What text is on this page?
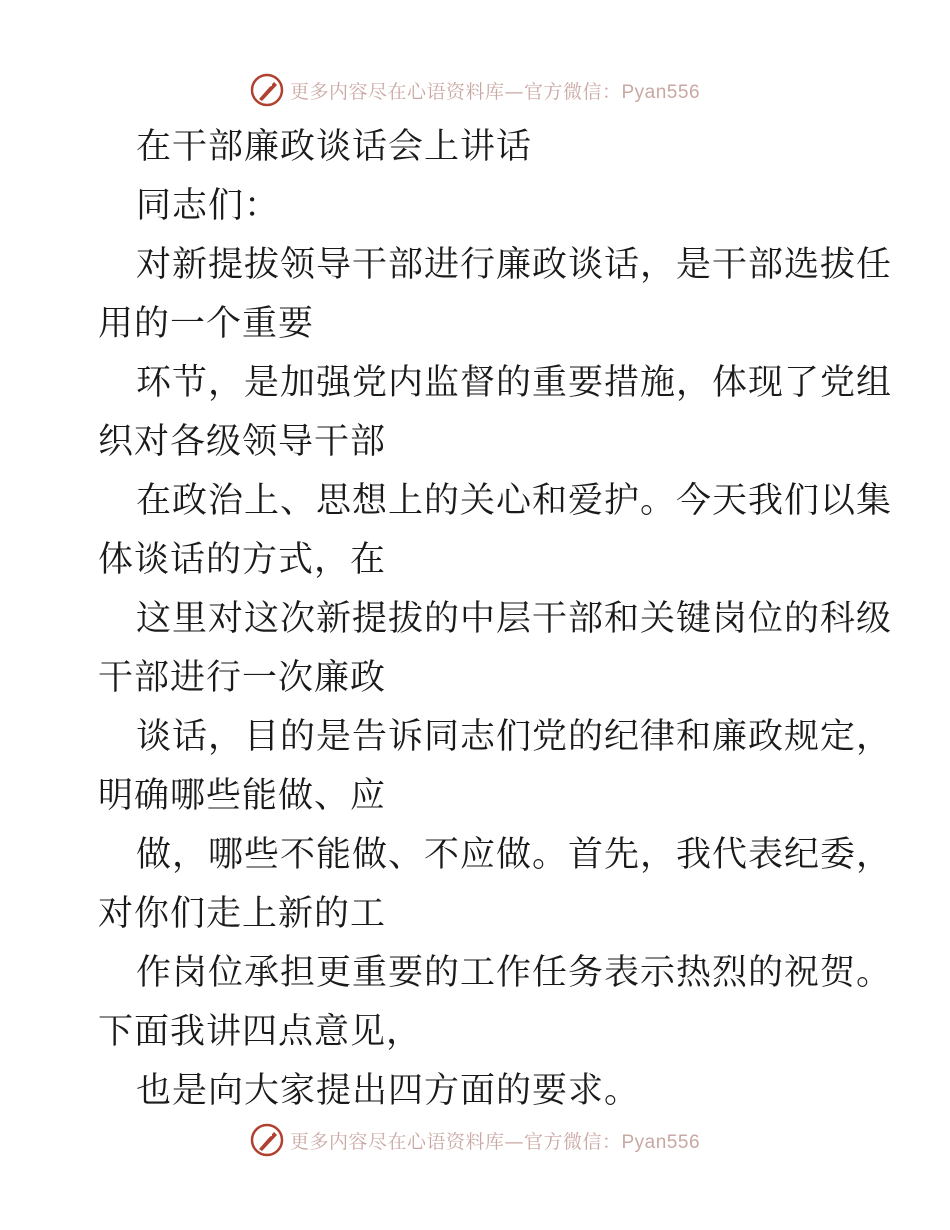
更多内容尽在心语资料库—官方微信：Pyan556
在干部廉政谈话会上讲话
同志们：
对新提拔领导干部进行廉政谈话，是干部选拔任
用的一个重要
环节，是加强党内监督的重要措施，体现了党组
织对各级领导干部
在政治上、思想上的关心和爱护。今天我们以集
体谈话的方式，在
这里对这次新提拔的中层干部和关键岗位的科级
干部进行一次廉政
谈话，目的是告诉同志们党的纪律和廉政规定，
明确哪些能做、应
做，哪些不能做、不应做。首先，我代表纪委，
对你们走上新的工
作岗位承担更重要的工作任务表示热烈的祝贺。
下面我讲四点意见，
也是向大家提出四方面的要求。
更多内容尽在心语资料库—官方微信：Pyan556
